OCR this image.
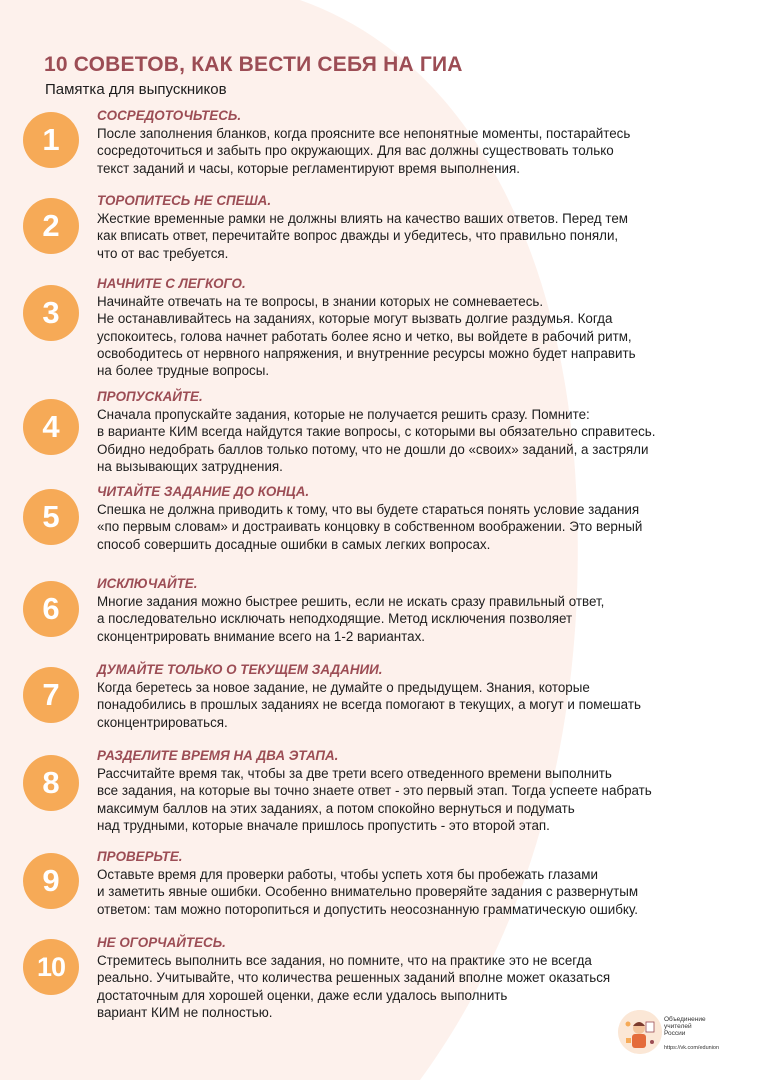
10 СОВЕТОВ, КАК ВЕСТИ СЕБЯ НА ГИА

Памятка для выпускников

1

СОСРЕДОТОЧЬТЕСЬ.

После заполнения бланков, когда проясните все непонятные моменты, постарайтесь
сосредоточиться и забыть про окружающих. Для вас должны существовать только
текст заданий и часы, которые регламентируют время выполнения.

2

ТОРОПИТЕСЬ НЕ СПЕША.

Жесткие временные рамки не должны влиять на качество ваших ответов. Перед тем
как вписать ответ, перечитайте вопрос дважды и убедитесь, что правильно поняли,
что от вас требуется.

3

НАЧНИТЕ С ЛЕГКОГО.

Начинайте отвечать на те вопросы, в знании которых не сомневаетесь.
Не останавливайтесь на заданиях, которые могут вызвать долгие раздумья. Когда
успокоитесь, голова начнет работать более ясно и четко, вы войдете в рабочий ритм,
освободитесь от нервного напряжения, и внутренние ресурсы можно будет направить
на более трудные вопросы.

4

ПРОПУСКАЙТЕ.

Сначала пропускайте задания, которые не получается решить сразу. Помните:
в варианте КИМ всегда найдутся такие вопросы, с которыми вы обязательно справитесь.
Обидно недобрать баллов только потому, что не дошли до «своих» заданий, а застряли
на вызывающих затруднения.

5

ЧИТАЙТЕ ЗАДАНИЕ ДО КОНЦА.

Спешка не должна приводить к тому, что вы будете стараться понять условие задания
«по первым словам» и достраивать концовку в собственном воображении. Это верный
способ совершить досадные ошибки в самых легких вопросах.

6

ИСКЛЮЧАЙТЕ.

Многие задания можно быстрее решить, если не искать сразу правильный ответ,
а последовательно исключать неподходящие. Метод исключения позволяет
сконцентрировать внимание всего на 1-2 вариантах.

7

ДУМАЙТЕ ТОЛЬКО О ТЕКУЩЕМ ЗАДАНИИ.

Когда беретесь за новое задание, не думайте о предыдущем. Знания, которые
понадобились в прошлых заданиях не всегда помогают в текущих, а могут и помешать
сконцентрироваться.

8

РАЗДЕЛИТЕ ВРЕМЯ НА ДВА ЭТАПА.

Рассчитайте время так, чтобы за две трети всего отведенного времени выполнить
все задания, на которые вы точно знаете ответ - это первый этап. Тогда успеете набрать
максимум баллов на этих заданиях, а потом спокойно вернуться и подумать
над трудными, которые вначале пришлось пропустить - это второй этап.

9

ПРОВЕРЬТЕ.

Оставьте время для проверки работы, чтобы успеть хотя бы пробежать глазами
и заметить явные ошибки. Особенно внимательно проверяйте задания с развернутым
ответом: там можно поторопиться и допустить неосознанную грамматическую ошибку.

10

НЕ ОГОРЧАЙТЕСЬ.

Стремитесь выполнить все задания, но помните, что на практике это не всегда
реально. Учитывайте, что количества решенных заданий вполне может оказаться
достаточным для хорошей оценки, даже если удалось выполнить
вариант КИМ не полностью.	Объединение
учителей
России
https://vk.com/edunion
